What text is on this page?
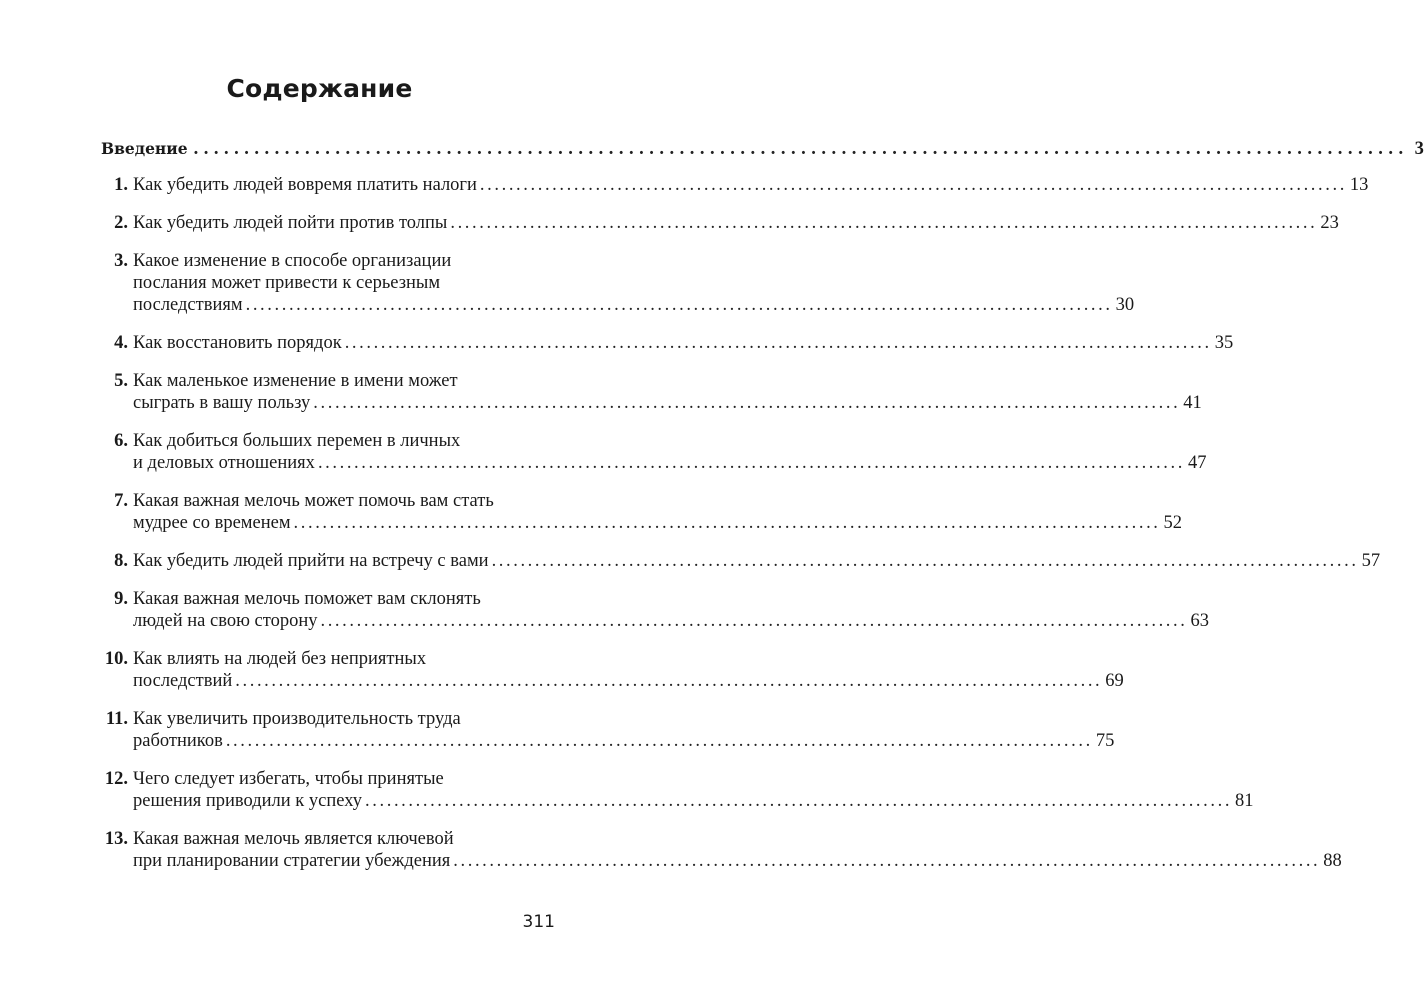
Содержание
Введение ........................................................................................................................ 3
1. Как убедить людей вовремя платить налоги ........................................................................................................................ 13
2. Как убедить людей пойти против толпы ........................................................................................................................ 23
3. Какое изменение в способе организации
послания может привести к серьезным
последствиям ........................................................................................................................ 30
4. Как восстановить порядок ........................................................................................................................ 35
5. Как маленькое изменение в имени может
сыграть в вашу пользу ........................................................................................................................ 41
6. Как добиться больших перемен в личных
и деловых отношениях ........................................................................................................................ 47
7. Какая важная мелочь может помочь вам стать
мудрее со временем ........................................................................................................................ 52
8. Как убедить людей прийти на встречу с вами ........................................................................................................................ 57
9. Какая важная мелочь поможет вам склонять
людей на свою сторону ........................................................................................................................ 63
10. Как влиять на людей без неприятных
последствий ........................................................................................................................ 69
11. Как увеличить производительность труда
работников ........................................................................................................................ 75
12. Чего следует избегать, чтобы принятые
решения приводили к успеху ........................................................................................................................ 81
13. Какая важная мелочь является ключевой
при планировании стратегии убеждения ........................................................................................................................ 88
311
